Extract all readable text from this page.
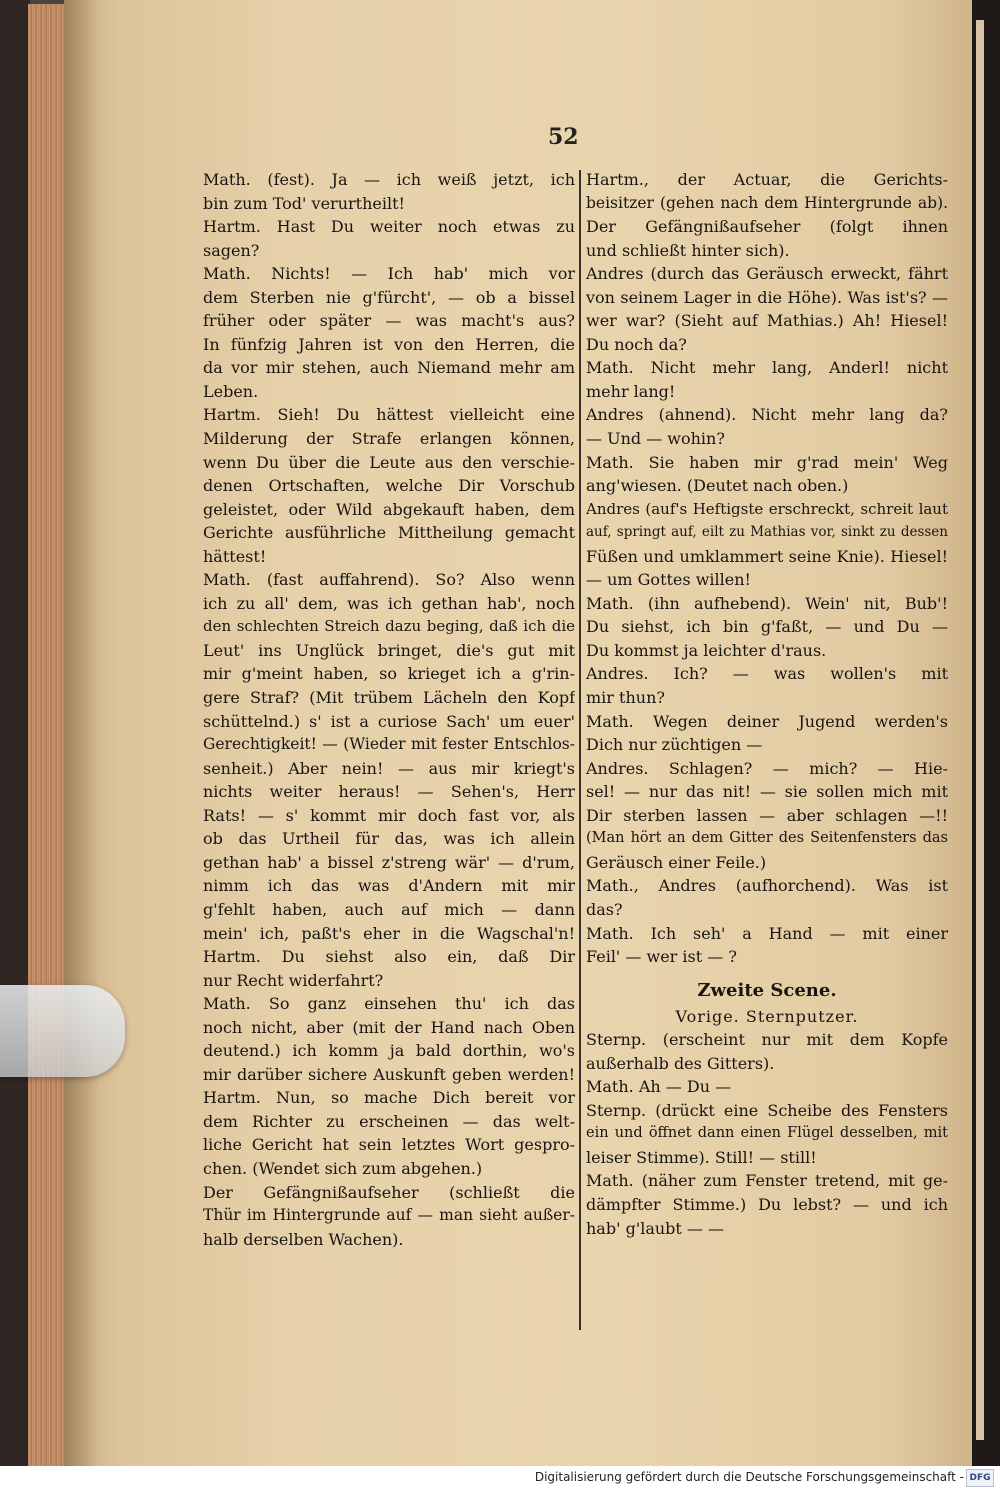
52
Math. (fest). Ja — ich weiß jetzt, ich
bin zum Tod' verurtheilt!
Hartm. Hast Du weiter noch etwas zu
sagen?
Math. Nichts! — Ich hab' mich vor
dem Sterben nie g'fürcht', — ob a bissel
früher oder später — was macht's aus?
In fünfzig Jahren ist von den Herren, die
da vor mir stehen, auch Niemand mehr am
Leben.
Hartm. Sieh! Du hättest vielleicht eine
Milderung der Strafe erlangen können,
wenn Du über die Leute aus den verschie-
denen Ortschaften, welche Dir Vorschub
geleistet, oder Wild abgekauft haben, dem
Gerichte ausführliche Mittheilung gemacht
hättest!
Math. (fast auffahrend). So? Also wenn
ich zu all' dem, was ich gethan hab', noch
den schlechten Streich dazu beging, daß ich die
Leut' ins Unglück bringet, die's gut mit
mir g'meint haben, so krieget ich a g'rin-
gere Straf? (Mit trübem Lächeln den Kopf
schüttelnd.) s' ist a curiose Sach' um euer'
Gerechtigkeit! — (Wieder mit fester Entschlos-
senheit.) Aber nein! — aus mir kriegt's
nichts weiter heraus! — Sehen's, Herr
Rats! — s' kommt mir doch fast vor, als
ob das Urtheil für das, was ich allein
gethan hab' a bissel z'streng wär' — d'rum,
nimm ich das was d'Andern mit mir
g'fehlt haben, auch auf mich — dann
mein' ich, paßt's eher in die Wagschal'n!
Hartm. Du siehst also ein, daß Dir
nur Recht widerfahrt?
Math. So ganz einsehen thu' ich das
noch nicht, aber (mit der Hand nach Oben
deutend.) ich komm ja bald dorthin, wo's
mir darüber sichere Auskunft geben werden!
Hartm. Nun, so mache Dich bereit vor
dem Richter zu erscheinen — das welt-
liche Gericht hat sein letztes Wort gespro-
chen. (Wendet sich zum abgehen.)
Der Gefängnißaufseher (schließt die
Thür im Hintergrunde auf — man sieht außer-
halb derselben Wachen).
Hartm., der Actuar, die Gerichts-
beisitzer (gehen nach dem Hintergrunde ab).
Der Gefängnißaufseher (folgt ihnen
und schließt hinter sich).
Andres (durch das Geräusch erweckt, fährt
von seinem Lager in die Höhe). Was ist's? —
wer war? (Sieht auf Mathias.) Ah! Hiesel!
Du noch da?
Math. Nicht mehr lang, Anderl! nicht
mehr lang!
Andres (ahnend). Nicht mehr lang da?
— Und — wohin?
Math. Sie haben mir g'rad mein' Weg
ang'wiesen. (Deutet nach oben.)
Andres (auf's Heftigste erschreckt, schreit laut
auf, springt auf, eilt zu Mathias vor, sinkt zu dessen
Füßen und umklammert seine Knie). Hiesel!
— um Gottes willen!
Math. (ihn aufhebend). Wein' nit, Bub'!
Du siehst, ich bin g'faßt, — und Du —
Du kommst ja leichter d'raus.
Andres. Ich? — was wollen's mit
mir thun?
Math. Wegen deiner Jugend werden's
Dich nur züchtigen —
Andres. Schlagen? — mich? — Hie-
sel! — nur das nit! — sie sollen mich mit
Dir sterben lassen — aber schlagen —!!
(Man hört an dem Gitter des Seitenfensters das
Geräusch einer Feile.)
Math., Andres (aufhorchend). Was ist
das?
Math. Ich seh' a Hand — mit einer
Feil' — wer ist — ?
Zweite Scene.
Vorige. Sternputzer.
Sternp. (erscheint nur mit dem Kopfe
außerhalb des Gitters).
Math. Ah — Du —
Sternp. (drückt eine Scheibe des Fensters
ein und öffnet dann einen Flügel desselben, mit
leiser Stimme). Still! — still!
Math. (näher zum Fenster tretend, mit ge-
dämpfter Stimme.) Du lebst? — und ich
hab' g'laubt — —
Digitalisierung gefördert durch die Deutsche Forschungsgemeinschaft - DFG
